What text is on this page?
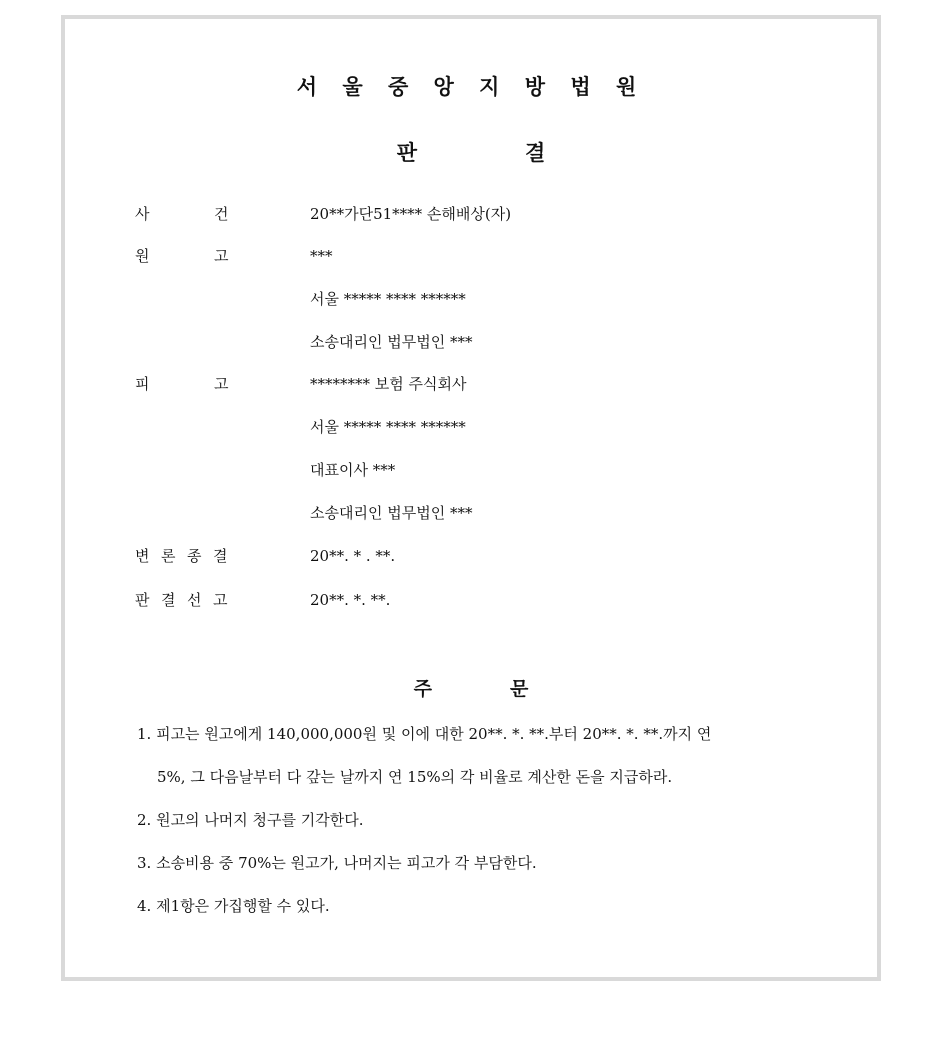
서 울 중 앙 지 방 법 원
판	결
사	건	20**가단51**** 손해배상(자)
원	고	***
서울 ***** **** ******
소송대리인 법무법인 ***
피	고	******** 보험 주식회사
서울 ***** **** ******
대표이사 ***
소송대리인 법무법인 ***
변 론 종 결	20**. * . **.
판 결 선 고	20**. *. **.
주	문
1. 피고는 원고에게 140,000,000원 및 이에 대한 20**. *. **.부터 20**. *. **.까지 연
5%, 그 다음날부터 다 갚는 날까지 연 15%의 각 비율로 계산한 돈을 지급하라.
2. 원고의 나머지 청구를 기각한다.
3. 소송비용 중 70%는 원고가, 나머지는 피고가 각 부담한다.
4. 제1항은 가집행할 수 있다.
